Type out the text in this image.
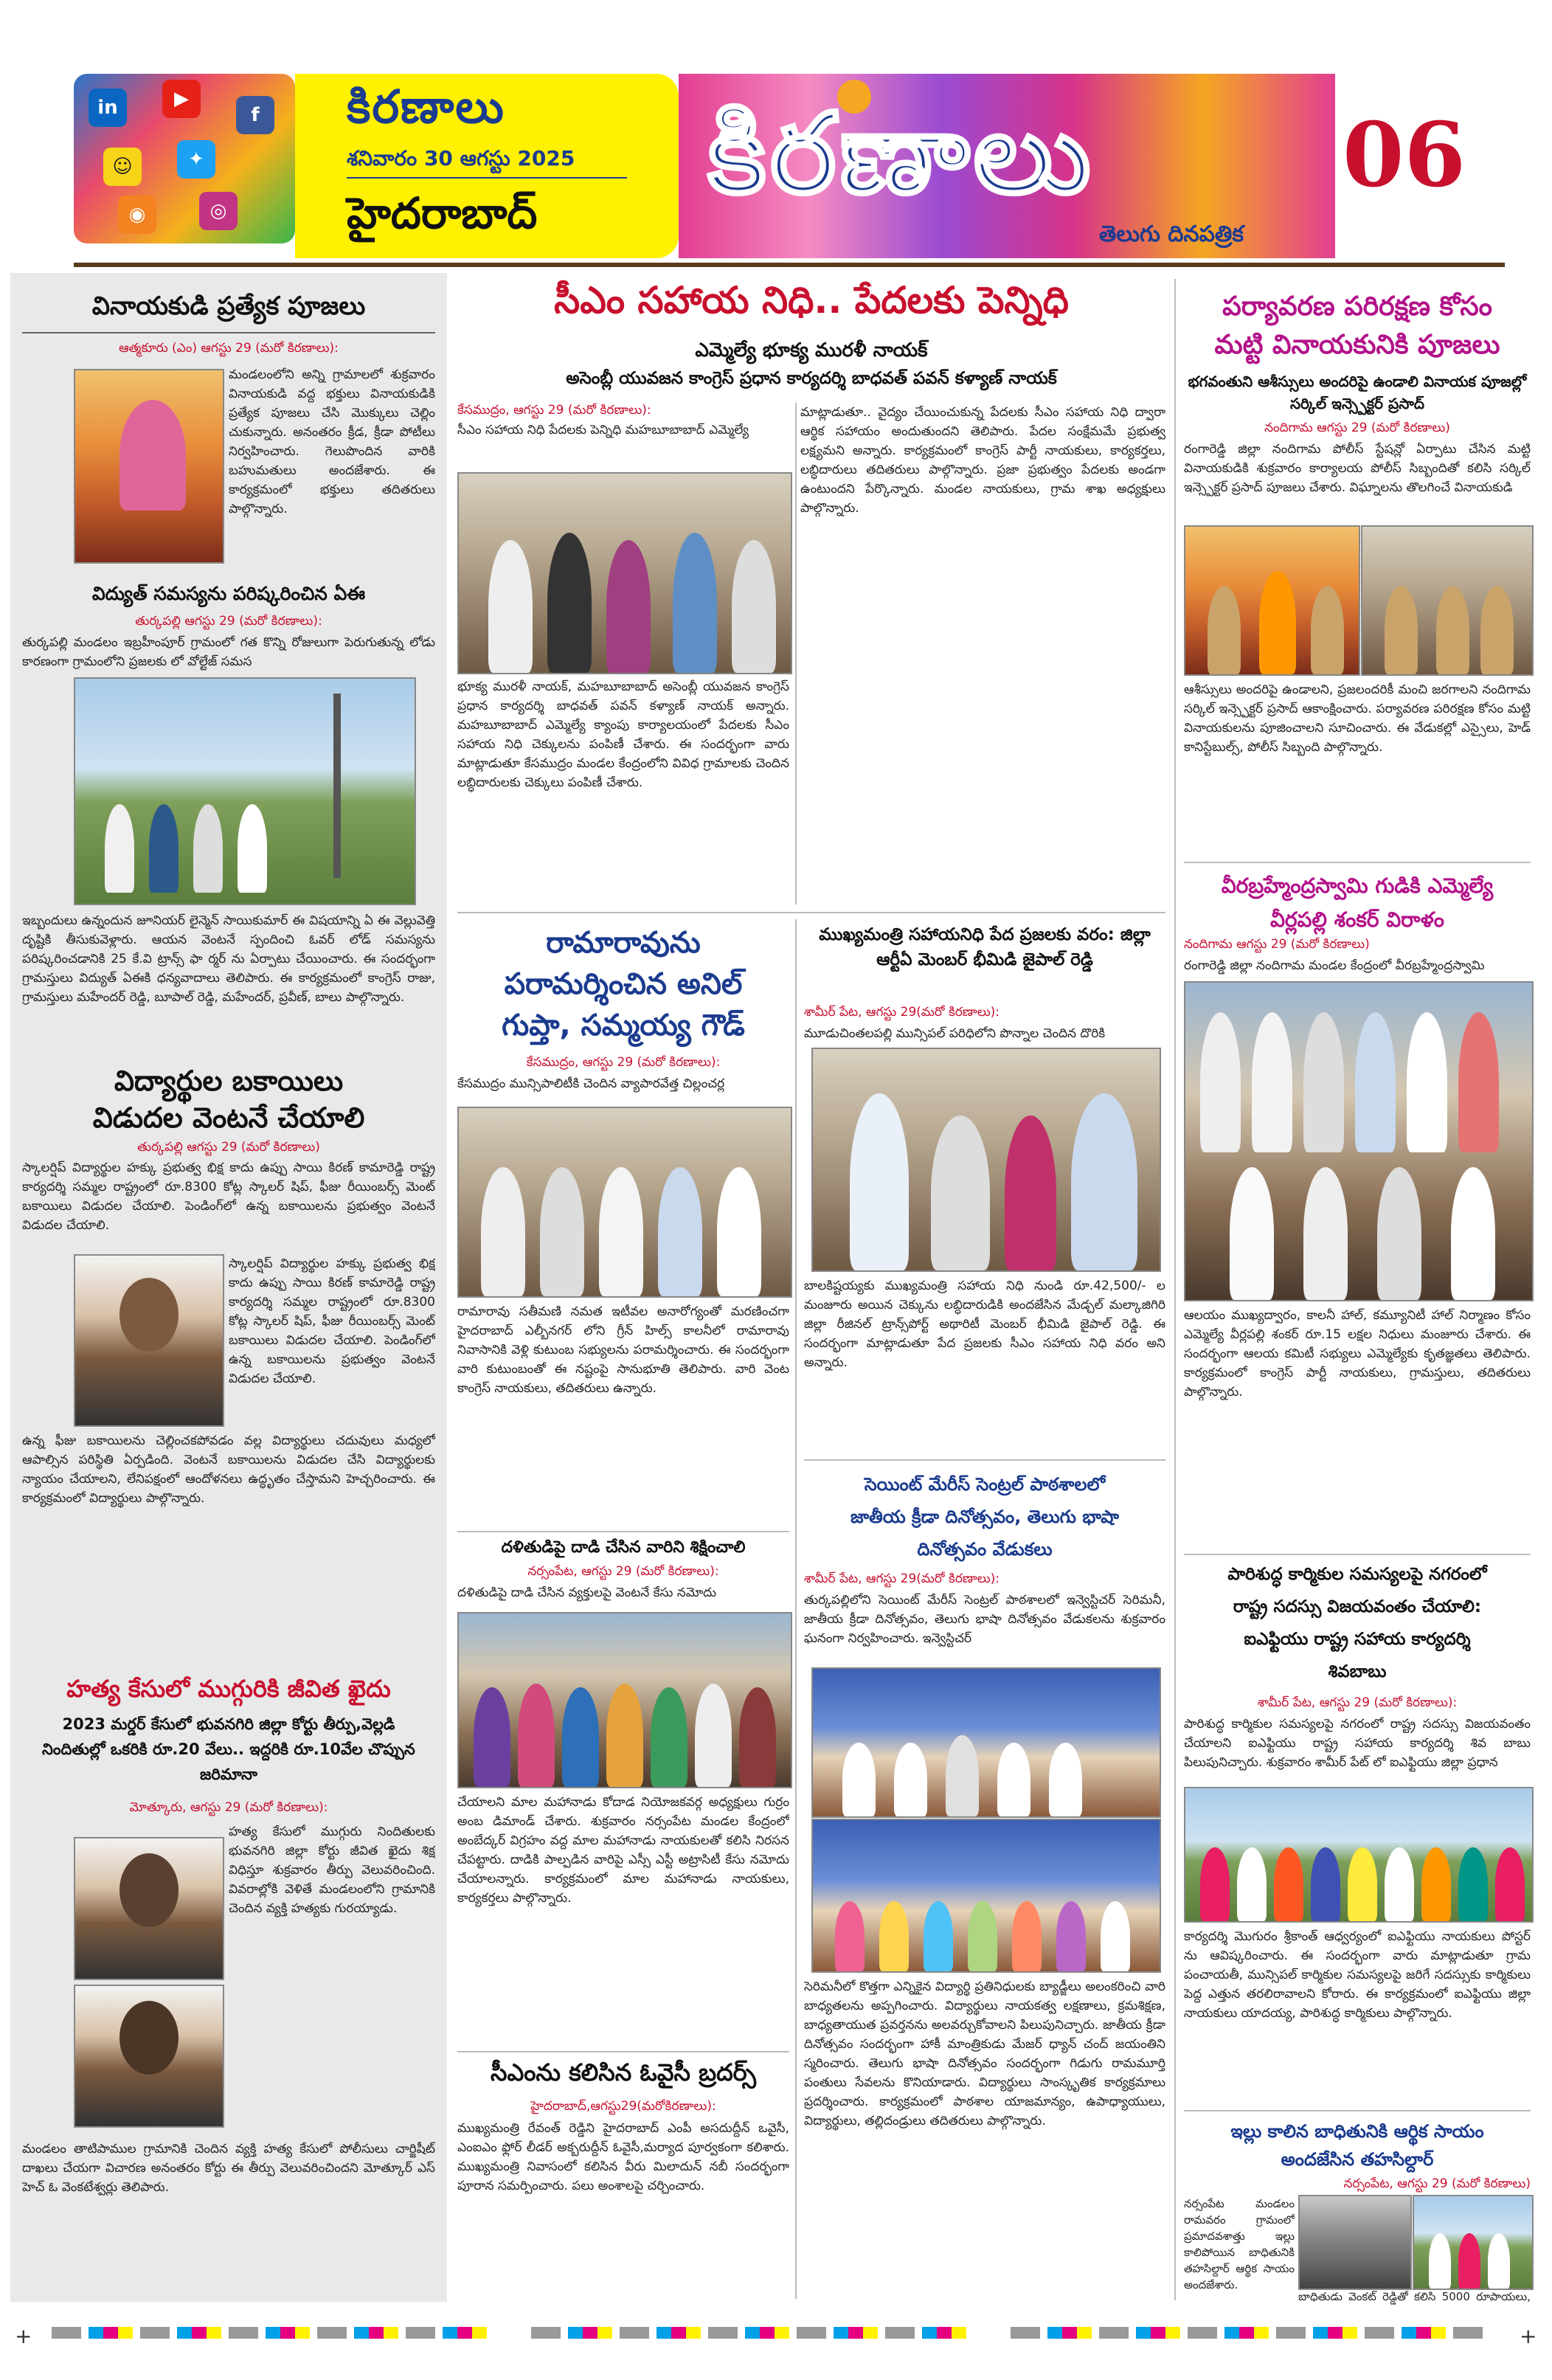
in	▶
f
☺	✦
◉	◎
కిరణాలు
శనివారం 30 ఆగస్టు 2025
హైదరాబాద్ కిరణాలు
తెలుగు దినపత్రిక
06
వినాయకుడి ప్రత్యేక పూజలు
ఆత్మకూరు (ఎం) ఆగస్టు 29 (మరో కిరణాలు):
మండలంలోని అన్ని గ్రామాలలో శుక్రవారం వినాయకుడి వద్ద భక్తులు వినాయకుడికి ప్రత్యేక పూజలు చేసి మొక్కులు చెల్లిం చుకున్నారు. అనంతరం క్రీడ, క్రీడా పోటీలు నిర్వహించారు. గెలుపొందిన వారికి బహుమతులు అందజేశారు. ఈ కార్యక్రమంలో భక్తులు తదితరులు పాల్గొన్నారు.
విద్యుత్ సమస్యను పరిష్కరించిన ఏఈ
తుర్కపల్లి ఆగస్టు 29 (మరో కిరణాలు):
తుర్కపల్లి మండలం ఇబ్రహీంపూర్ గ్రామంలో గత కొన్ని రోజులుగా పెరుగుతున్న లోడు కారణంగా గ్రామంలోని ప్రజలకు లో వోల్టేజ్ సమస
ఇబ్బందులు ఉన్నందున జూనియర్ లైన్మెన్ సాయికుమార్ ఈ విషయాన్ని ఏ ఈ వెల్లువెత్తి దృష్టికి తీసుకువెళ్లారు. ఆయన వెంటనే స్పందించి ఓవర్ లోడ్ సమస్యను పరిష్కరించడానికి 25 కే.వి ట్రాన్స్ ఫా ర్మర్ ను ఏర్పాటు చేయించారు. ఈ సందర్భంగా గ్రామస్తులు విద్యుత్ ఏఈకి ధన్యవాదాలు తెలిపారు. ఈ కార్యక్రమంలో కాంగ్రెస్ రాజు, గ్రామస్తులు మహేందర్ రెడ్డి, బూపాల్ రెడ్డి, మహేందర్, ప్రవీణ్, బాలు పాల్గొన్నారు.
విద్యార్థుల బకాయిలు
విడుదల వెంటనే చేయాలి
తుర్కపల్లి ఆగస్టు 29 (మరో కిరణాలు)
స్కాలర్షిప్ విద్యార్థుల హక్కు ప్రభుత్వ భిక్ష కాదు ఉప్పు సాయి కిరణ్ కామారెడ్డి రాష్ట్ర కార్యదర్శి సమ్మల రాష్ట్రంలో రూ.8300 కోట్ల స్కాలర్ షిప్, ఫీజు రీయింబర్స్ మెంట్ బకాయిలు విడుదల చేయాలి. పెండింగ్‌లో ఉన్న బకాయిలను ప్రభుత్వం వెంటనే విడుదల చేయాలి.
స్కాలర్షిప్ విద్యార్థుల హక్కు ప్రభుత్వ భిక్ష కాదు ఉప్పు సాయి కిరణ్ కామారెడ్డి రాష్ట్ర కార్యదర్శి సమ్మల రాష్ట్రంలో రూ.8300 కోట్ల స్కాలర్ షిప్, ఫీజు రీయింబర్స్ మెంట్ బకాయిలు విడుదల చేయాలి. పెండింగ్‌లో ఉన్న బకాయిలను ప్రభుత్వం వెంటనే విడుదల చేయాలి.
ఉన్న ఫీజు బకాయిలను చెల్లించకపోవడం వల్ల విద్యార్థులు చదువులు మధ్యలో ఆపాల్సిన పరిస్థితి ఏర్పడింది. వెంటనే బకాయిలను విడుదల చేసి విద్యార్థులకు న్యాయం చేయాలని, లేనిపక్షంలో ఆందోళనలు ఉద్ధృతం చేస్తామని హెచ్చరించారు. ఈ కార్యక్రమంలో విద్యార్థులు పాల్గొన్నారు.
హత్య కేసులో ముగ్గురికి జీవిత ఖైదు
2023 మర్డర్ కేసులో భువనగిరి జిల్లా కోర్టు తీర్పు,వెల్లడి నిందితుల్లో ఒకరికి రూ.20 వేలు.. ఇద్దరికి రూ.10వేల చొప్పున జరిమానా
మోత్కూరు, ఆగస్టు 29 (మరో కిరణాలు):
హత్య కేసులో ముగ్గురు నిందితులకు భువనగిరి జిల్లా కోర్టు జీవిత ఖైదు శిక్ష విధిస్తూ శుక్రవారం తీర్పు వెలువరించింది. వివరాల్లోకి వెళితే మండలంలోని గ్రామానికి చెందిన వ్యక్తి హత్యకు గురయ్యాడు.
మండలం తాటిపాముల గ్రామానికి చెందిన వ్యక్తి హత్య కేసులో పోలీసులు చార్జిషీట్ దాఖలు చేయగా విచారణ అనంతరం కోర్టు ఈ తీర్పు వెలువరించిందని మోత్కూర్ ఎస్ హెచ్ ఓ వెంకటేశ్వర్లు తెలిపారు.
సీఎం సహాయ నిధి.. పేదలకు పెన్నిధి
ఎమ్మెల్యే భూక్య మురళీ నాయక్
అసెంబ్లీ యువజన కాంగ్రెస్ ప్రధాన కార్యదర్శి బాధవత్ పవన్ కళ్యాణ్ నాయక్
కేసముద్రం, ఆగస్టు 29 (మరో కిరణాలు):
సీఎం సహాయ నిధి పేదలకు పెన్నిధి మహబూబాబాద్ ఎమ్మెల్యే
భూక్య మురళీ నాయక్, మహబూబాబాద్ అసెంబ్లీ యువజన కాంగ్రెస్ ప్రధాన కార్యదర్శి బాధవత్ పవన్ కళ్యాణ్ నాయక్ అన్నారు. మహబూబాబాద్ ఎమ్మెల్యే క్యాంపు కార్యాలయంలో పేదలకు సీఎం సహాయ నిధి చెక్కులను పంపిణీ చేశారు. ఈ సందర్భంగా వారు మాట్లాడుతూ కేసముద్రం మండల కేంద్రంలోని వివిధ గ్రామాలకు చెందిన లబ్ధిదారులకు చెక్కులు పంపిణీ చేశారు.
మాట్లాడుతూ.. వైద్యం చేయించుకున్న పేదలకు సీఎం సహాయ నిధి ద్వారా ఆర్థిక సహాయం అందుతుందని తెలిపారు. పేదల సంక్షేమమే ప్రభుత్వ లక్ష్యమని అన్నారు. కార్యక్రమంలో కాంగ్రెస్ పార్టీ నాయకులు, కార్యకర్తలు, లబ్ధిదారులు తదితరులు పాల్గొన్నారు. ప్రజా ప్రభుత్వం పేదలకు అండగా ఉంటుందని పేర్కొన్నారు. మండల నాయకులు, గ్రామ శాఖ అధ్యక్షులు పాల్గొన్నారు.
రామారావును
పరామర్శించిన అనిల్
గుప్తా, సమ్మయ్య గౌడ్
కేసముద్రం, ఆగస్టు 29 (మరో కిరణాలు):
కేసముద్రం మున్సిపాలిటీకి చెందిన వ్యాపారవేత్త చిల్లంచర్ల
రామారావు సతీమణి నమత ఇటీవల అనారోగ్యంతో మరణించగా హైదరాబాద్ ఎల్బీనగర్ లోని గ్రీన్ హిల్స్ కాలనీలో రామారావు నివాసానికి వెళ్లి కుటుంబ సభ్యులను పరామర్శించారు. ఈ సందర్భంగా వారి కుటుంబంతో ఈ నష్టంపై సానుభూతి తెలిపారు. వారి వెంట కాంగ్రెస్ నాయకులు, తదితరులు ఉన్నారు.
దళితుడిపై దాడి చేసిన వారిని శిక్షించాలి
నర్సంపేట, ఆగస్టు 29 (మరో కిరణాలు):
దళితుడిపై దాడి చేసిన వ్యక్తులపై వెంటనే కేసు నమోదు
చేయాలని మాల మహానాడు కోదాడ నియోజకవర్గ అధ్యక్షులు గుర్రం అంబ డిమాండ్ చేశారు. శుక్రవారం నర్సంపేట మండల కేంద్రంలో అంబేద్కర్ విగ్రహం వద్ద మాల మహానాడు నాయకులతో కలిసి నిరసన చేపట్టారు. దాడికి పాల్పడిన వారిపై ఎస్సీ ఎస్టీ అట్రాసిటీ కేసు నమోదు చేయాలన్నారు. కార్యక్రమంలో మాల మహానాడు నాయకులు, కార్యకర్తలు పాల్గొన్నారు.
సీఎంను కలిసిన ఓవైసీ బ్రదర్స్
హైదరాబాద్,ఆగస్టు29(మరోకిరణాలు):
ముఖ్యమంత్రి రేవంత్ రెడ్డిని హైదరాబాద్ ఎంపీ అసదుద్దీన్ ఒవైసీ, ఎంఐఎం ఫ్లోర్ లీడర్ అక్బరుద్దీన్ ఓవైసీ,మర్యాద పూర్వకంగా కలిశారు. ముఖ్యమంత్రి నివాసంలో కలిసిన వీరు మిలాదున్ నబీ సందర్భంగా పూరాన సమర్పించారు. పలు అంశాలపై చర్చించారు.
ముఖ్యమంత్రి సహాయనిధి పేద ప్రజలకు వరం: జిల్లా ఆర్టీఏ మెంబర్ భీమిడి జైపాల్ రెడ్డి
శామీర్ పేట, ఆగస్టు 29(మరో కిరణాలు):
మూడుచింతలపల్లి మున్సిపల్ పరిధిలోని పొన్నాల చెందిన దొరికి
బాలకిష్టయ్యకు ముఖ్యమంత్రి సహాయ నిధి నుండి రూ.42,500/- ల మంజూరు అయిన చెక్కును లబ్ధిదారుడికి అందజేసిన మేడ్చల్ మల్కాజిగిరి జిల్లా రీజినల్ ట్రాన్స్‌పోర్ట్ అథారిటీ మెంబర్ భీమిడి జైపాల్ రెడ్డి. ఈ సందర్భంగా మాట్లాడుతూ పేద ప్రజలకు సీఎం సహాయ నిధి వరం అని అన్నారు.
సెయింట్ మేరీస్ సెంట్రల్ పాఠశాలలో
జాతీయ క్రీడా దినోత్సవం, తెలుగు భాషా
దినోత్సవం వేడుకలు
శామీర్ పేట, ఆగస్టు 29(మరో కిరణాలు):
తుర్కపల్లిలోని సెయింట్ మేరీస్ సెంట్రల్ పాఠశాలలో ఇన్వెస్టిచర్ సెరిమనీ, జాతీయ క్రీడా దినోత్సవం, తెలుగు భాషా దినోత్సవం వేడుకలను శుక్రవారం ఘనంగా నిర్వహించారు. ఇన్వెస్టిచర్
సెరిమనీలో కొత్తగా ఎన్నికైన విద్యార్థి ప్రతినిధులకు బ్యాడ్జీలు అలంకరించి వారి బాధ్యతలను అప్పగించారు. విద్యార్థులు నాయకత్వ లక్షణాలు, క్రమశిక్షణ, బాధ్యతాయుత ప్రవర్తనను అలవర్చుకోవాలని పిలుపునిచ్చారు. జాతీయ క్రీడా దినోత్సవం సందర్భంగా హాకీ మాంత్రికుడు మేజర్ ధ్యాన్ చంద్ జయంతిని స్మరించారు. తెలుగు భాషా దినోత్సవం సందర్భంగా గిడుగు రామమూర్తి పంతులు సేవలను కొనియాడారు. విద్యార్థులు సాంస్కృతిక కార్యక్రమాలు ప్రదర్శించారు. కార్యక్రమంలో పాఠశాల యాజమాన్యం, ఉపాధ్యాయులు, విద్యార్థులు, తల్లిదండ్రులు తదితరులు పాల్గొన్నారు.
పర్యావరణ పరిరక్షణ కోసం
మట్టి వినాయకునికి పూజలు
భగవంతుని ఆశీస్సులు అందరిపై ఉండాలి వినాయక పూజల్లో సర్కిల్ ఇన్స్పెక్టర్ ప్రసాద్
నందిగామ ఆగస్టు 29 (మరో కిరణాలు)
రంగారెడ్డి జిల్లా నందిగామ పోలీస్ స్టేషన్లో ఏర్పాటు చేసిన మట్టి వినాయకుడికి శుక్రవారం కార్యాలయ పోలీస్ సిబ్బందితో కలిసి సర్కిల్ ఇన్స్పెక్టర్ ప్రసాద్ పూజలు చేశారు. విఘ్నాలను తొలగించే వినాయకుడి
ఆశీస్సులు అందరిపై ఉండాలని, ప్రజలందరికీ మంచి జరగాలని నందిగామ సర్కిల్ ఇన్స్పెక్టర్ ప్రసాద్ ఆకాంక్షించారు. పర్యావరణ పరిరక్షణ కోసం మట్టి వినాయకులను పూజించాలని సూచించారు. ఈ వేడుకల్లో ఎస్సైలు, హెడ్ కానిస్టేబుల్స్, పోలీస్ సిబ్బంది పాల్గొన్నారు.
వీరబ్రహ్మేంద్రస్వామి గుడికి ఎమ్మెల్యే
వీర్లపల్లి శంకర్ విరాళం
నందిగామ ఆగస్టు 29 (మరో కిరణాలు)
రంగారెడ్డి జిల్లా నందిగామ మండల కేంద్రంలో వీరబ్రహ్మేంద్రస్వామి
ఆలయం ముఖ్యద్వారం, కాలనీ హాల్, కమ్యూనిటీ హాల్ నిర్మాణం కోసం ఎమ్మెల్యే వీర్లపల్లి శంకర్ రూ.15 లక్షల నిధులు మంజూరు చేశారు. ఈ సందర్భంగా ఆలయ కమిటీ సభ్యులు ఎమ్మెల్యేకు కృతజ్ఞతలు తెలిపారు. కార్యక్రమంలో కాంగ్రెస్ పార్టీ నాయకులు, గ్రామస్తులు, తదితరులు పాల్గొన్నారు.
పారిశుద్ధ కార్మికుల సమస్యలపై నగరంలో
రాష్ట్ర సదస్సు విజయవంతం చేయాలి:
ఐఎఫ్టియు రాష్ట్ర సహాయ కార్యదర్శి
శివబాబు
శామీర్ పేట, ఆగస్టు 29 (మరో కిరణాలు):
పారిశుద్ధ కార్మికుల సమస్యలపై నగరంలో రాష్ట్ర సదస్సు విజయవంతం చేయాలని ఐఎఫ్టియు రాష్ట్ర సహాయ కార్యదర్శి శివ బాబు పిలుపునిచ్చారు. శుక్రవారం శామీర్ పేట్ లో ఐఎఫ్టియు జిల్లా ప్రధాన
కార్యదర్శి మొగురం శ్రీకాంత్ ఆధ్వర్యంలో ఐఎఫ్టియు నాయకులు పోస్టర్ ను ఆవిష్కరించారు. ఈ సందర్భంగా వారు మాట్లాడుతూ గ్రామ పంచాయతీ, మున్సిపల్ కార్మికుల సమస్యలపై జరిగే సదస్సుకు కార్మికులు పెద్ద ఎత్తున తరలిరావాలని కోరారు. ఈ కార్యక్రమంలో ఐఎఫ్టియు జిల్లా నాయకులు యాదయ్య, పారిశుద్ధ కార్మికులు పాల్గొన్నారు.
ఇల్లు కాలిన బాధితునికి ఆర్థిక సాయం
అందజేసిన తహసిల్దార్
నర్సంపేట, ఆగస్టు 29 (మరో కిరణాలు)
నర్సంపేట మండలం రామవరం గ్రామంలో ప్రమాదవశాత్తు ఇల్లు కాలిపోయిన బాధితునికి తహసిల్దార్ ఆర్థిక సాయం అందజేశారు.
బాధితుడు వెంకట్ రెడ్డితో కలిసి 5000 రూపాయలు,
+	+
